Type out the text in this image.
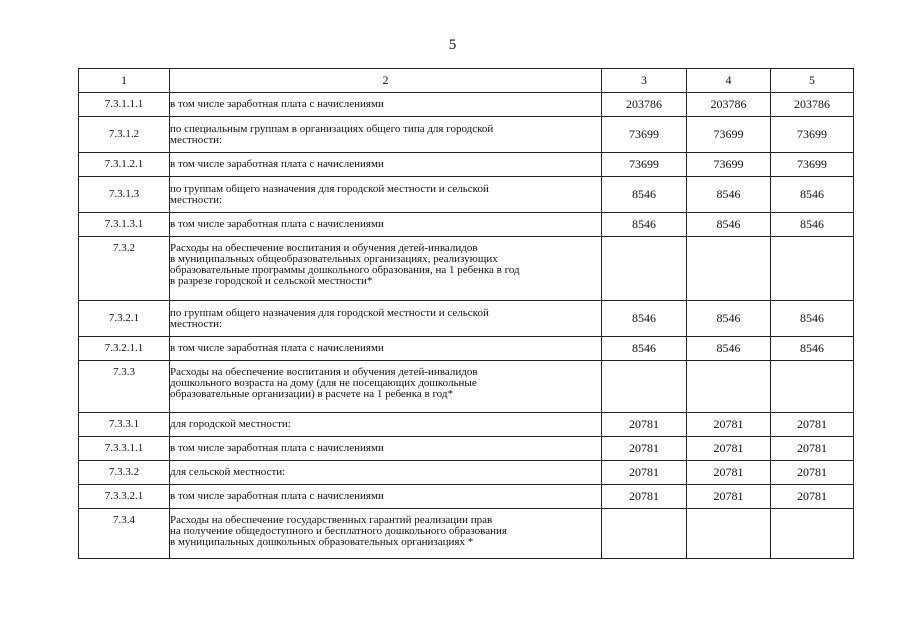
5
1	2	3	4	5
7.3.1.1.1	в том числе заработная плата с начислениями	203786	203786	203786
7.3.1.2	по специальным группам в организациях общего типа для городской
местности:	73699	73699	73699
7.3.1.2.1	в том числе заработная плата с начислениями	73699	73699	73699
7.3.1.3	по группам общего назначения для городской местности и сельской
местности:	8546	8546	8546
7.3.1.3.1	в том числе заработная плата с начислениями	8546	8546	8546
7.3.2	Расходы на обеспечение воспитания и обучения детей-инвалидов
в муниципальных общеобразовательных организациях, реализующих
образовательные программы дошкольного образования, на 1 ребенка в год
в разрезе городской и сельской местности*			

7.3.2.1	по группам общего назначения для городской местности и сельской
местности:	8546	8546	8546
7.3.2.1.1	в том числе заработная плата с начислениями	8546	8546	8546
7.3.3	Расходы на обеспечение воспитания и обучения детей-инвалидов
дошкольного возраста на дому (для не посещающих дошкольные
образовательные организации) в расчете на 1 ребенка в год*			

7.3.3.1	для городской местности:	20781	20781	20781
7.3.3.1.1	в том числе заработная плата с начислениями	20781	20781	20781
7.3.3.2	для сельской местности:	20781	20781	20781
7.3.3.2.1	в том числе заработная плата с начислениями	20781	20781	20781
7.3.4	Расходы на обеспечение государственных гарантий реализации прав
на получение общедоступного и бесплатного дошкольного образования
в муниципальных дошкольных образовательных организациях *			
